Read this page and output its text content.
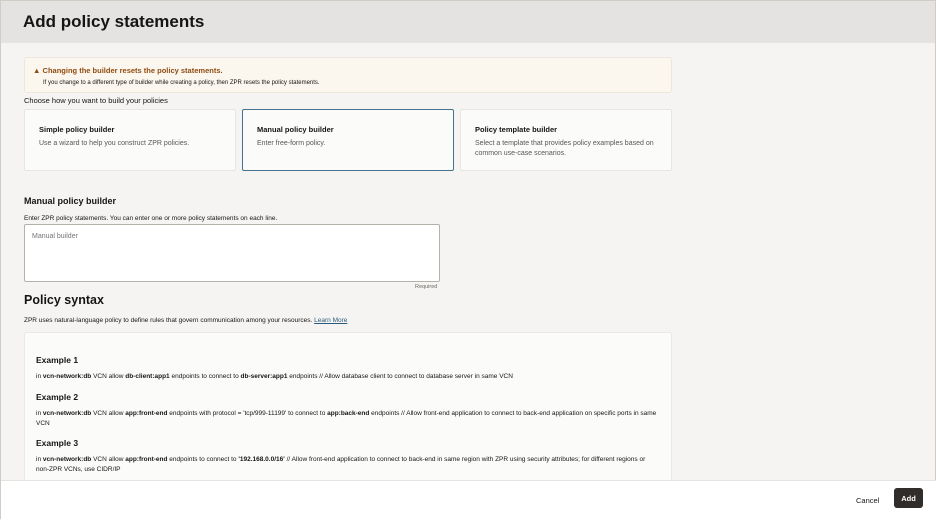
Add policy statements
▲ Changing the builder resets the policy statements.
If you change to a different type of builder while creating a policy, then ZPR resets the policy statements.
Choose how you want to build your policies
Simple policy builder
Use a wizard to help you construct ZPR policies.
Manual policy builder
Enter free-form policy.
Policy template builder
Select a template that provides policy examples based on common use-case scenarios.
Manual policy builder
Enter ZPR policy statements. You can enter one or more policy statements on each line.
Manual builder
Required
Policy syntax
ZPR uses natural-language policy to define rules that govern communication among your resources. Learn More
Example 1
in vcn-network:db VCN allow db-client:app1 endpoints to connect to db-server:app1 endpoints // Allow database client to connect to database server in same VCN
Example 2
in vcn-network:db VCN allow app:front-end endpoints with protocol = 'tcp/999-11199' to connect to app:back-end endpoints // Allow front-end application to connect to back-end application on specific ports in same VCN
Example 3
in vcn-network:db VCN allow app:front-end endpoints to connect to '192.168.0.0/16' // Allow front-end application to connect to back-end in same region with ZPR using security attributes; for different regions or non-ZPR VCNs, use CIDR/IP
Cancel	Add
